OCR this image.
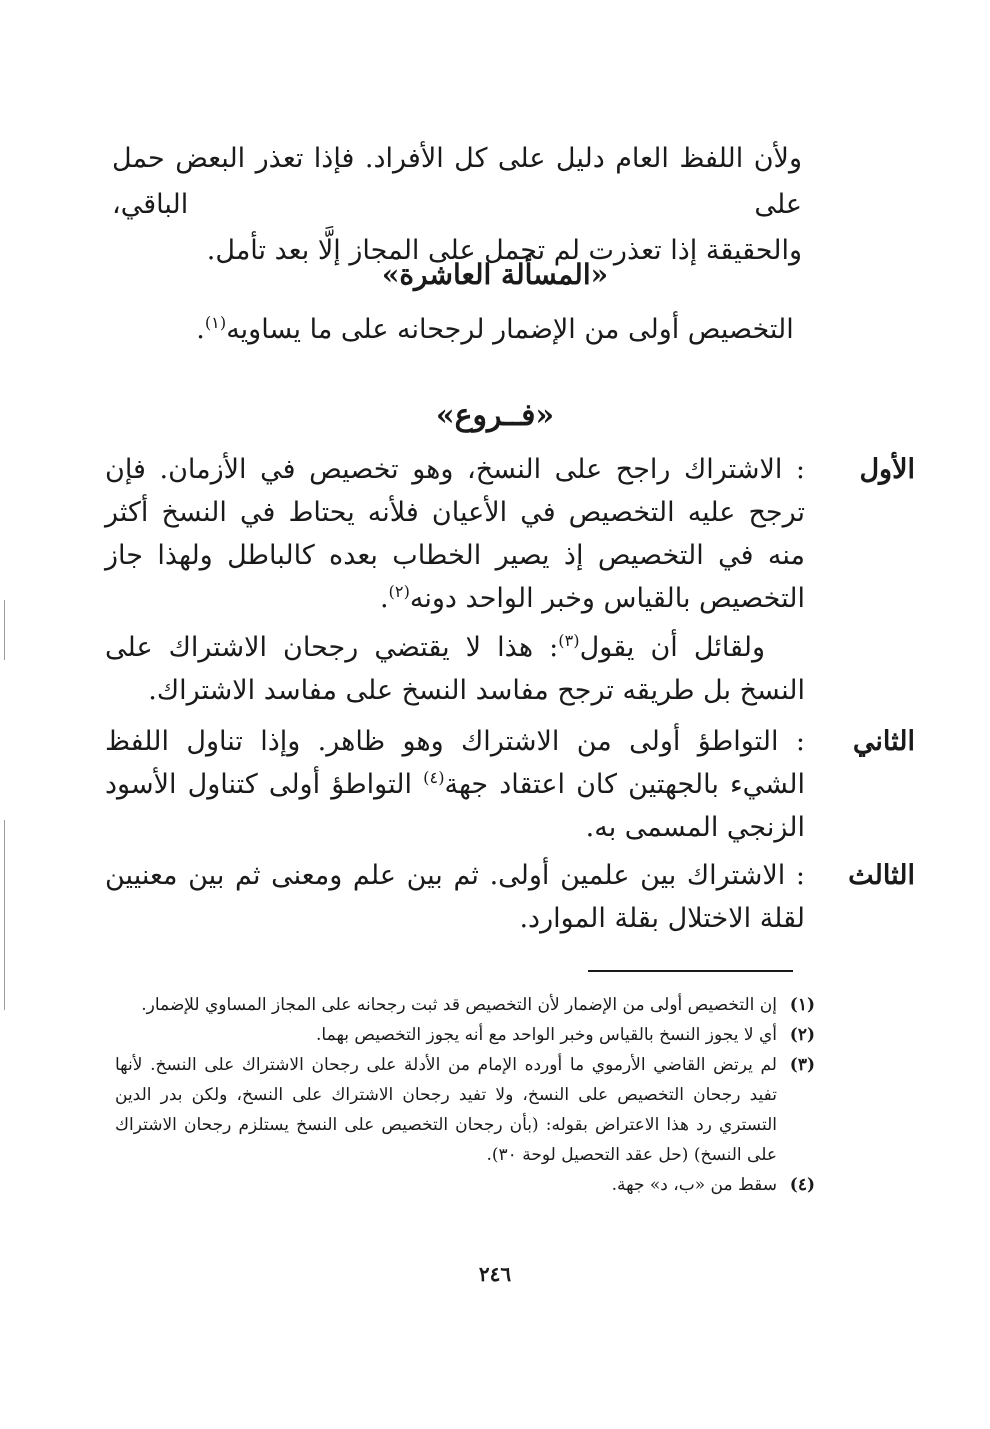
ولأن اللفظ العام دليل على كل الأفراد. فإذا تعذر البعض حمل على الباقي،

والحقيقة إذا تعذرت لم تحمل على المجاز إلَّا بعد تأمل.

«المسألة العاشرة»
التخصيص أولى من الإضمار لرجحانه على ما يساويه$^{(١)}$.
«فــروع»
الأول
: الاشتراك راجح على النسخ، وهو تخصيص في الأزمان. فإن ترجح عليه التخصيص في الأعيان فلأنه يحتاط في النسخ أكثر منه في التخصيص إذ يصير الخطاب بعده كالباطل ولهذا جاز التخصيص بالقياس وخبر الواحد دونه$^{(٢)}$.
ولقائل أن يقول$^{(٣)}$: هذا لا يقتضي رجحان الاشتراك على النسخ بل طريقه ترجح مفاسد النسخ على مفاسد الاشتراك.
الثاني
: التواطؤ أولى من الاشتراك وهو ظاهر. وإذا تناول اللفظ الشيء بالجهتين كان اعتقاد جهة$^{(٤)}$ التواطؤ أولى كتناول الأسود الزنجي المسمى به.
الثالث
: الاشتراك بين علمين أولى. ثم بين علم ومعنى ثم بين معنيين لقلة الاختلال بقلة الموارد.

(١)
إن التخصيص أولى من الإضمار لأن التخصيص قد ثبت رجحانه على المجاز المساوي للإضمار.

(٢)
أي لا يجوز النسخ بالقياس وخبر الواحد مع أنه يجوز التخصيص بهما.

(٣)
لم يرتض القاضي الأرموي ما أورده الإمام من الأدلة على رجحان الاشتراك على النسخ. لأنها تفيد رجحان التخصيص على النسخ، ولا تفيد رجحان الاشتراك على النسخ، ولكن بدر الدين التستري رد هذا الاعتراض بقوله: (بأن رجحان التخصيص على النسخ يستلزم رجحان الاشتراك على النسخ) (حل عقد التحصيل لوحة ٣٠).

(٤)
سقط من «ب، د» جهة.

٢٤٦
